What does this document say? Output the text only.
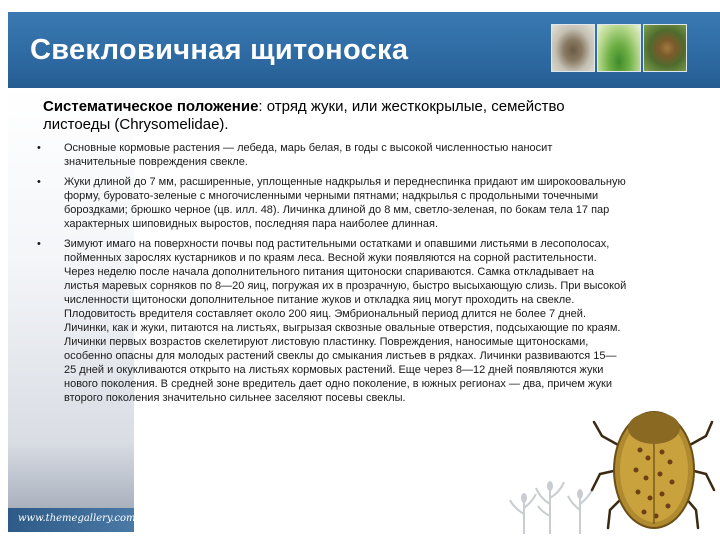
www.themegallery.com
Свекловичная щитоноска

Систематическое положение: отряд жуки, или жесткокрылые, семейство листоеды (Chrysomelidae).

• Основные кормовые растения — лебеда, марь белая, в годы с высокой численностью наносит значительные повреждения свекле.
• Жуки длиной до 7 мм, расширенные, уплощенные надкрылья и переднеспинка придают им широкоовальную форму, буровато-зеленые с многочисленными черными пятнами; надкрылья с продольными точечными бороздками; брюшко черное (цв. илл. 48). Личинка длиной до 8 мм, светло-зеленая, по бокам тела 17 пар характерных шиповидных выростов, последняя пара наиболее длинная.
• Зимуют имаго на поверхности почвы под растительными остатками и опавшими листьями в лесополосах, пойменных зарослях кустарников и по краям леса. Весной жуки появляются на сорной растительности. Через неделю после начала дополнительного питания щитоноски спариваются. Самка откладывает на листья маревых сорняков по 8—20 яиц, погружая их в прозрачную, быстро высыхающую слизь. При высокой численности щитоноски дополнительное питание жуков и откладка яиц могут проходить на свекле. Плодовитость вредителя составляет около 200 яиц. Эмбриональный период длится не более 7 дней. Личинки, как и жуки, питаются на листьях, выгрызая сквозные овальные отверстия, подсыхающие по краям. Личинки первых возрастов скелетируют листовую пластинку. Повреждения, наносимые щитоносками, особенно опасны для молодых растений свеклы до смыкания листьев в рядках. Личинки развиваются 15—25 дней и окукливаются открыто на листьях кормовых растений. Еще через 8—12 дней появляются жуки нового поколения. В средней зоне вредитель дает одно поколение, в южных регионах — два, причем жуки второго поколения значительно сильнее заселяют посевы свеклы.
